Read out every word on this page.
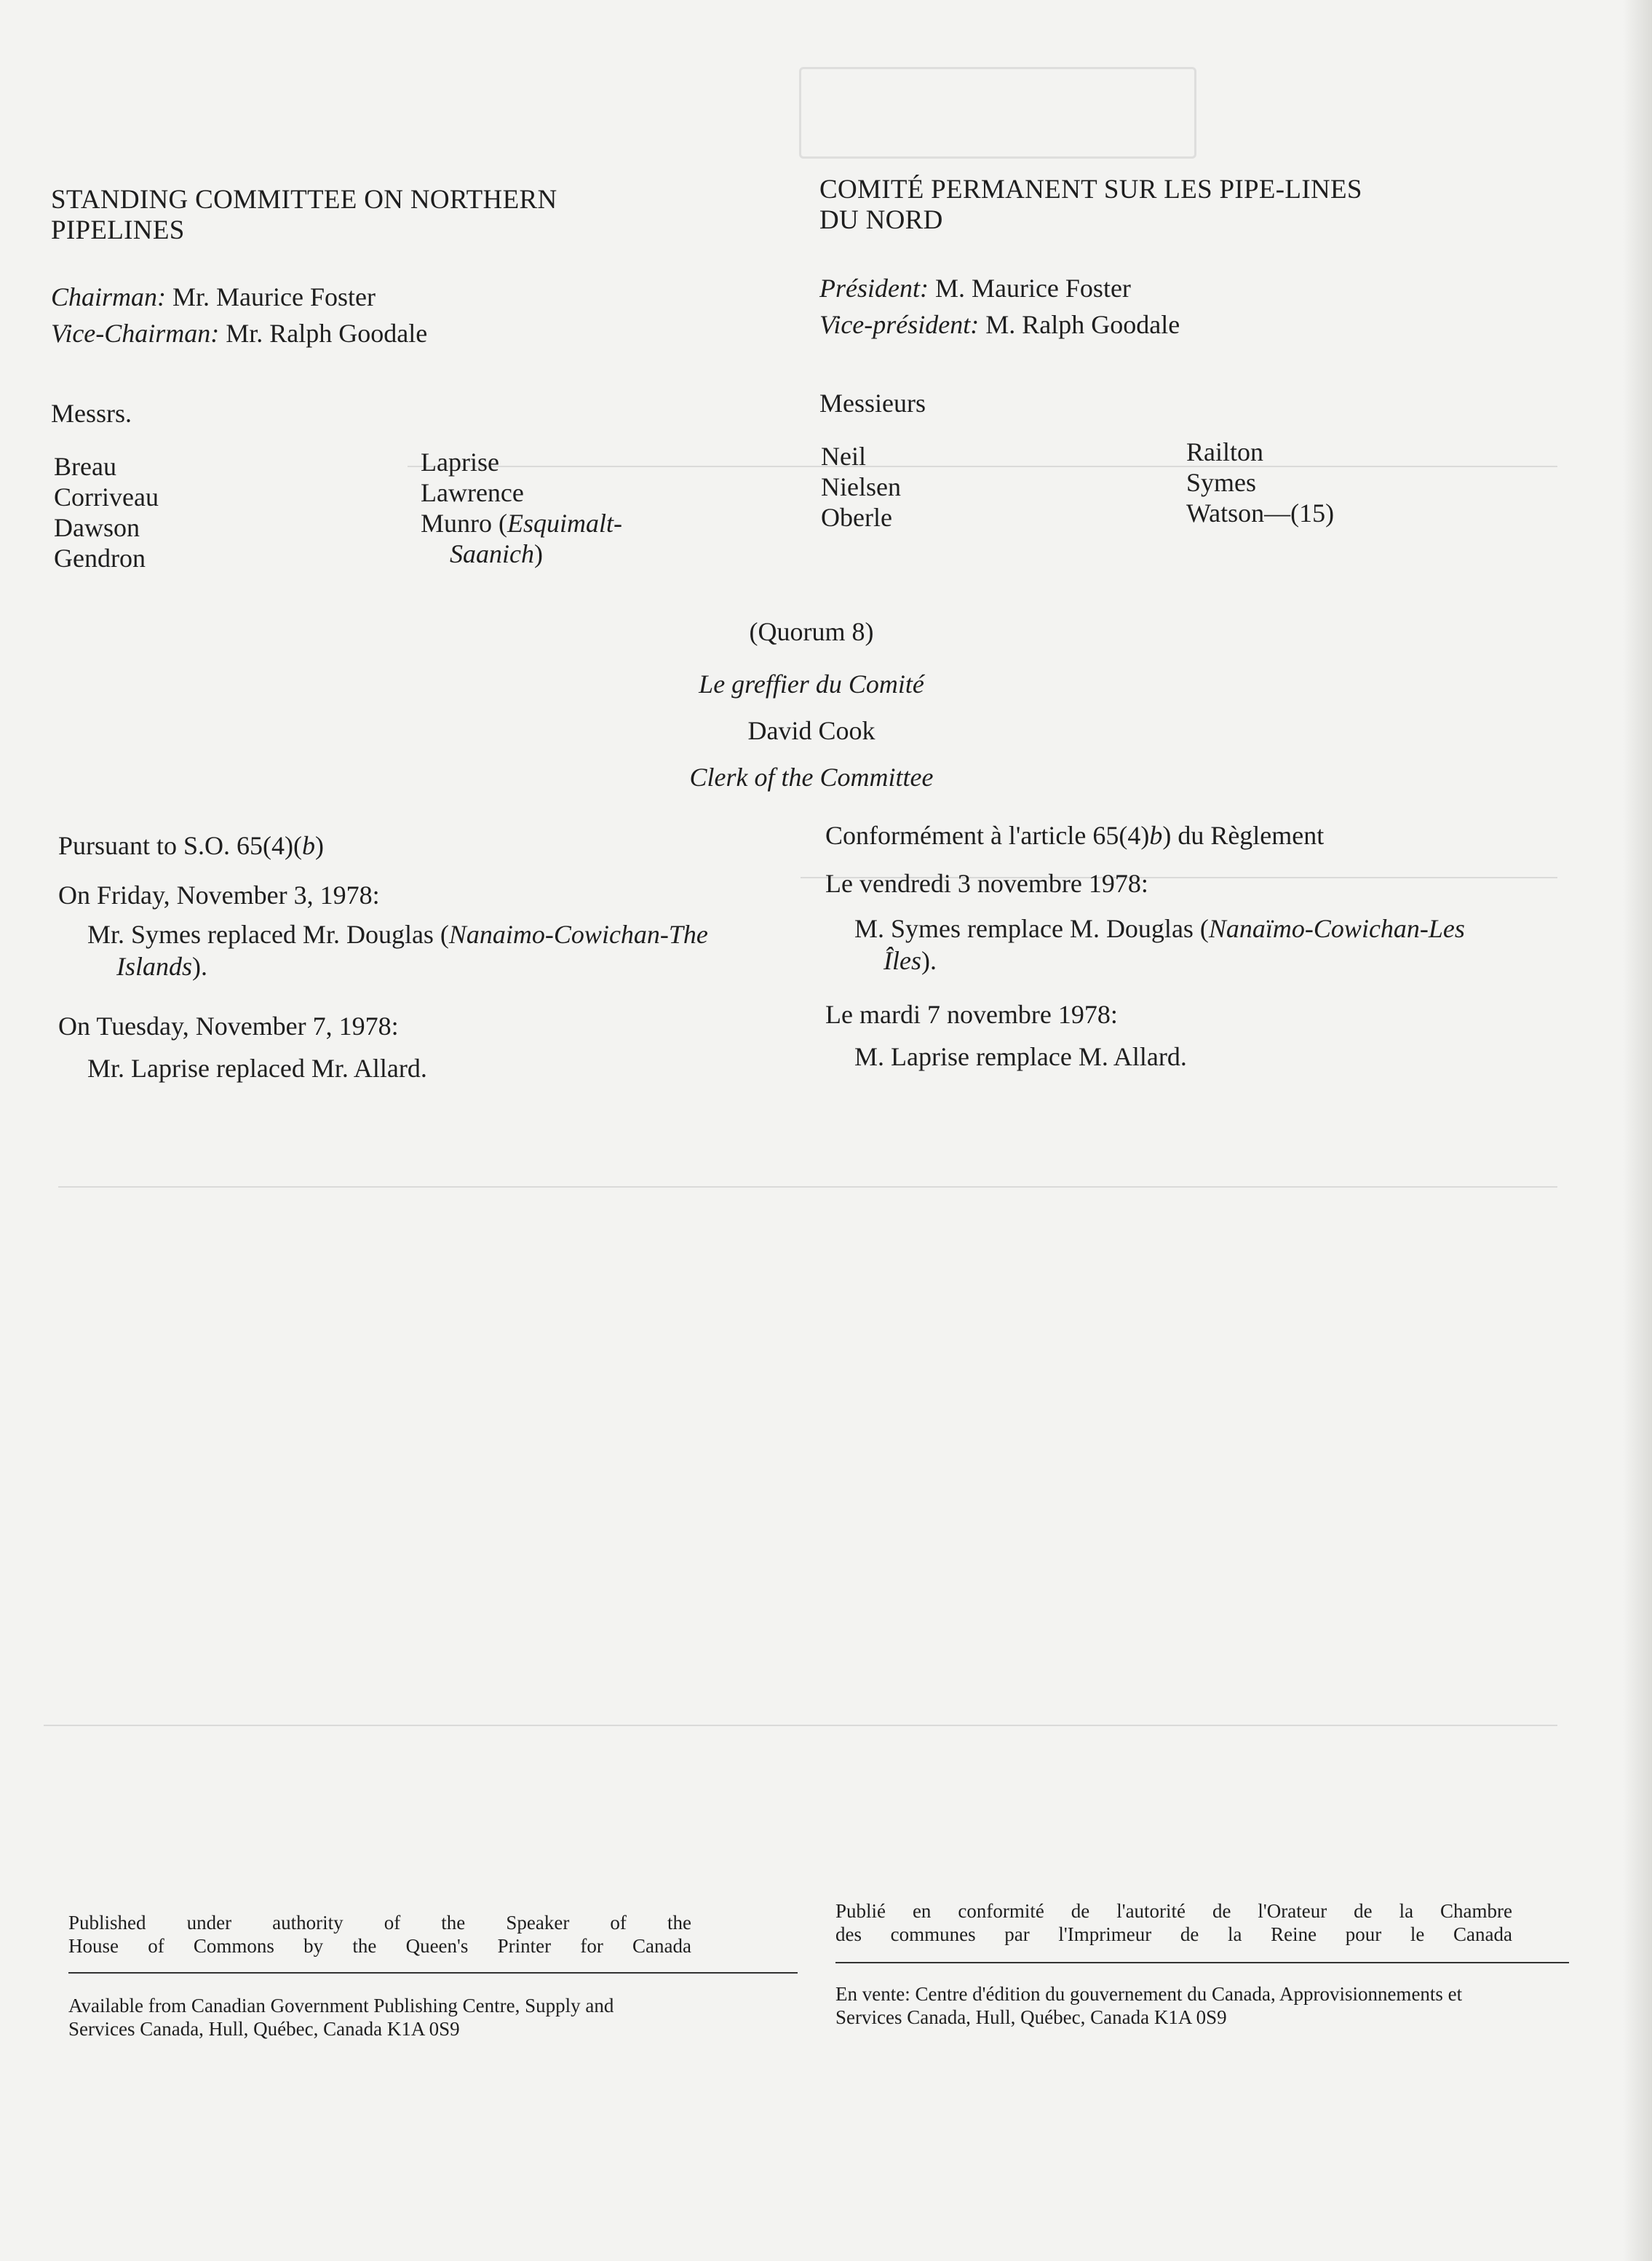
STANDING COMMITTEE ON NORTHERN
PIPELINES
Chairman: Mr. Maurice Foster
Vice-Chairman: Mr. Ralph Goodale
Messrs.
Breau
Corriveau
Dawson
Gendron
Laprise
Lawrence
Munro (Esquimalt-
Saanich)
COMITÉ PERMANENT SUR LES PIPE-LINES
DU NORD
Président: M. Maurice Foster
Vice-président: M. Ralph Goodale
Messieurs
Neil
Nielsen
Oberle
Railton
Symes
Watson—(15)
(Quorum 8)
Le greffier du Comité
David Cook
Clerk of the Committee
Pursuant to S.O. 65(4)(b)
On Friday, November 3, 1978:
Mr. Symes replaced Mr. Douglas (Nanaimo-Cowichan-The
Islands).
On Tuesday, November 7, 1978:
Mr. Laprise replaced Mr. Allard.
Conformément à l'article 65(4)b) du Règlement
Le vendredi 3 novembre 1978:
M. Symes remplace M. Douglas (Nanaïmo-Cowichan-Les
Îles).
Le mardi 7 novembre 1978:
M. Laprise remplace M. Allard.
Published under authority of the Speaker of the
House of Commons by the Queen's Printer for Canada
Available from Canadian Government Publishing Centre, Supply and
Services Canada, Hull, Québec, Canada K1A 0S9
Publié en conformité de l'autorité de l'Orateur de la Chambre
des communes par l'Imprimeur de la Reine pour le Canada
En vente: Centre d'édition du gouvernement du Canada, Approvisionnements et
Services Canada, Hull, Québec, Canada K1A 0S9
